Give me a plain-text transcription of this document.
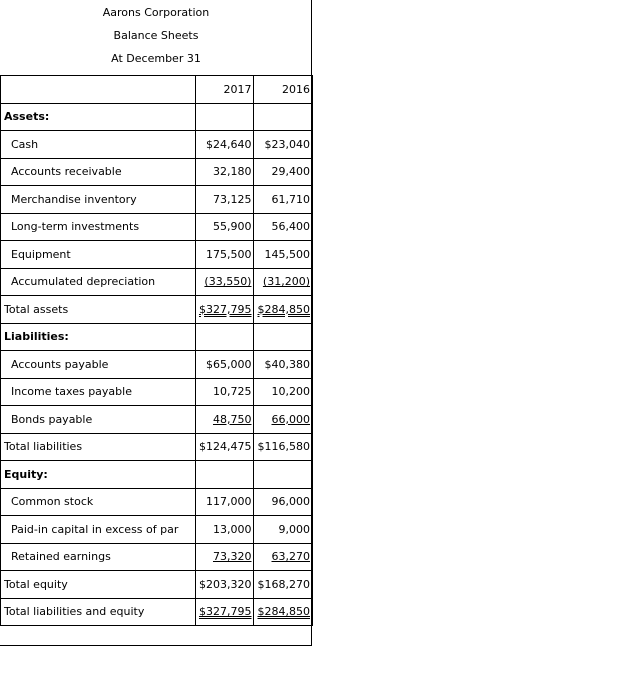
Aarons Corporation
Balance Sheets
At December 31
	2017	2016
Assets:		
Cash	$24,640	$23,040
Accounts receivable	32,180	29,400
Merchandise inventory	73,125	61,710
Long-term investments	55,900	56,400
Equipment	175,500	145,500
Accumulated depreciation	(33,550)	(31,200)
Total assets	$327,795	$284,850
Liabilities:		
Accounts payable	$65,000	$40,380
Income taxes payable	10,725	10,200
Bonds payable	48,750	66,000
Total liabilities	$124,475	$116,580
Equity:		
Common stock	117,000	96,000
Paid-in capital in excess of par	13,000	9,000
Retained earnings	73,320	63,270
Total equity	$203,320	$168,270
Total liabilities and equity	$327,795	$284,850
